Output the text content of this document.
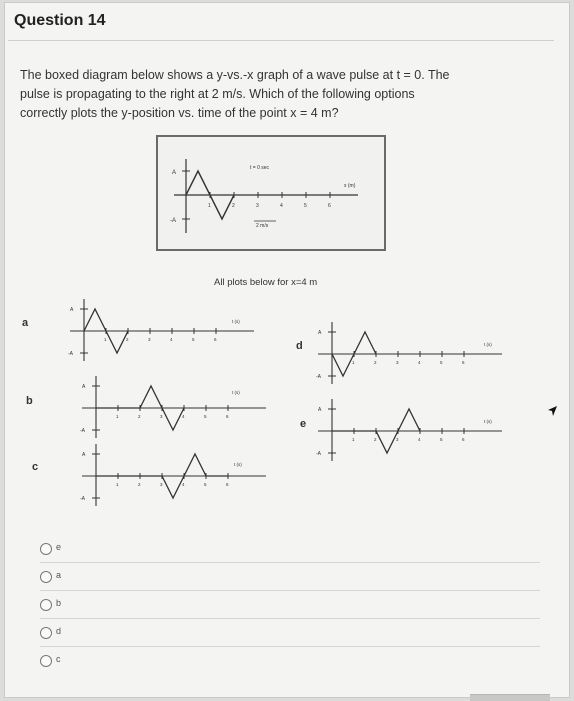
Question 14
The boxed diagram below shows a y-vs.-x graph of a wave pulse at t = 0. The
pulse is propagating to the right at 2 m/s. Which of the following options
correctly plots the y-position vs. time of the point x = 4 m?
A
-A
1	2	3	4	5	6
t = 0 sec
x (m)
2 m/s
All plots below for x=4 m
a
A
-A
1	2	3	4	5	6
t (s)
b
A
-A
1	2	3	4	5	6
t (s)
c
A
-A
1	2	3	4	5	6
t (s)
d
A
-A
1	2	3	4	5	6
t (s)
e
A
-A
1	2	3	4	5	6
t (s)
e
a
b
d
c
